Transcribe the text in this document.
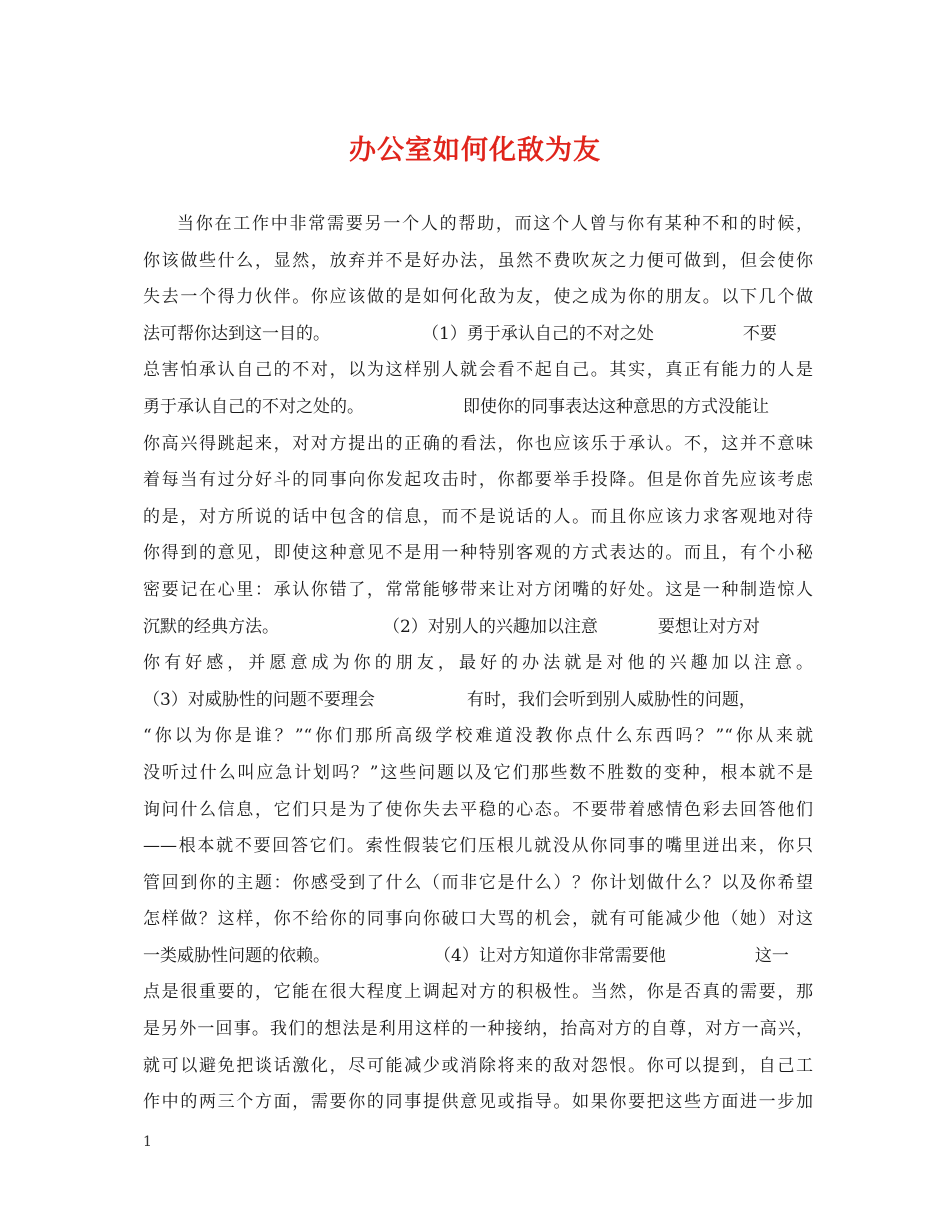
办公室如何化敌为友
当你在工作中非常需要另一个人的帮助，而这个人曾与你有某种不和的时候，
你该做些什么，显然，放弃并不是好办法，虽然不费吹灰之力便可做到，但会使你
失去一个得力伙伴。你应该做的是如何化敌为友，使之成为你的朋友。以下几个做
法可帮你达到这一目的。	（1）勇于承认自己的不对之处	不要
总害怕承认自己的不对，以为这样别人就会看不起自己。其实，真正有能力的人是
勇于承认自己的不对之处的。	即使你的同事表达这种意思的方式没能让
你高兴得跳起来，对对方提出的正确的看法，你也应该乐于承认。不，这并不意味
着每当有过分好斗的同事向你发起攻击时，你都要举手投降。但是你首先应该考虑
的是，对方所说的话中包含的信息，而不是说话的人。而且你应该力求客观地对待
你得到的意见，即使这种意见不是用一种特别客观的方式表达的。而且，有个小秘
密要记在心里：承认你错了，常常能够带来让对方闭嘴的好处。这是一种制造惊人
沉默的经典方法。	（2）对别人的兴趣加以注意	要想让对方对
你有好感，并愿意成为你的朋友，最好的办法就是对他的兴趣加以注意。
（3）对威胁性的问题不要理会	有时，我们会听到别人威胁性的问题，
“你以为你是谁？”“你们那所高级学校难道没教你点什么东西吗？”“你从来就
没听过什么叫应急计划吗？”这些问题以及它们那些数不胜数的变种，根本就不是
询问什么信息，它们只是为了使你失去平稳的心态。不要带着感情色彩去回答他们
——根本就不要回答它们。索性假装它们压根儿就没从你同事的嘴里迸出来，你只
管回到你的主题：你感受到了什么（而非它是什么）？你计划做什么？以及你希望
怎样做？这样，你不给你的同事向你破口大骂的机会，就有可能减少他（她）对这
一类威胁性问题的依赖。	（4）让对方知道你非常需要他	这一
点是很重要的，它能在很大程度上调起对方的积极性。当然，你是否真的需要，那
是另外一回事。我们的想法是利用这样的一种接纳，抬高对方的自尊，对方一高兴，
就可以避免把谈话激化，尽可能减少或消除将来的敌对怨恨。你可以提到，自己工
作中的两三个方面，需要你的同事提供意见或指导。如果你要把这些方面进一步加
1
